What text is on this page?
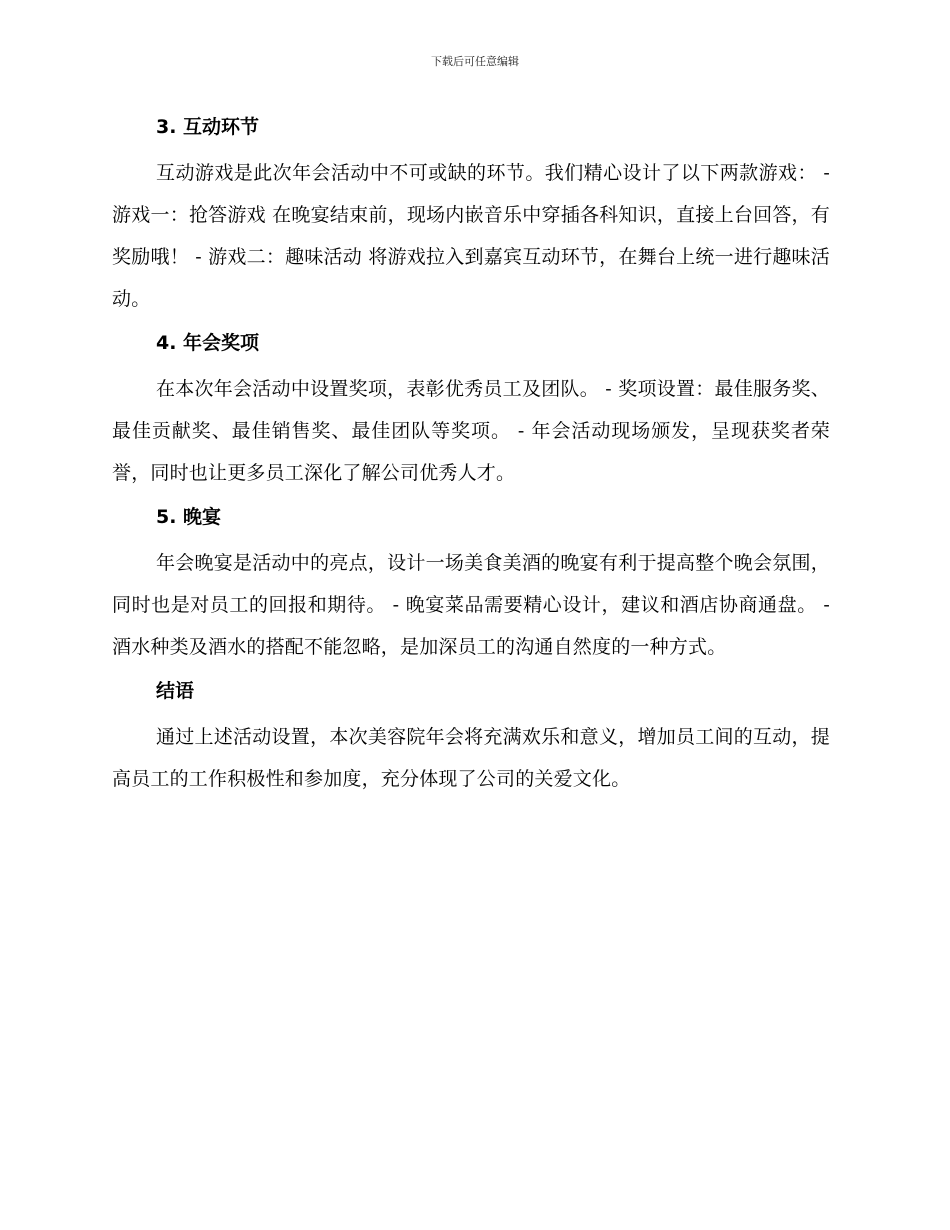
下载后可任意编辑
3. 互动环节

互动游戏是此次年会活动中不可或缺的环节。我们精心设计了以下两款游戏： - 游戏一：抢答游戏 在晚宴结束前，现场内嵌音乐中穿插各科知识，直接上台回答，有奖励哦！ - 游戏二：趣味活动 将游戏拉入到嘉宾互动环节，在舞台上统一进行趣味活动。

4. 年会奖项

在本次年会活动中设置奖项，表彰优秀员工及团队。 - 奖项设置：最佳服务奖、最佳贡献奖、最佳销售奖、最佳团队等奖项。 - 年会活动现场颁发，呈现获奖者荣誉，同时也让更多员工深化了解公司优秀人才。

5. 晚宴

年会晚宴是活动中的亮点，设计一场美食美酒的晚宴有利于提高整个晚会氛围，同时也是对员工的回报和期待。 - 晚宴菜品需要精心设计，建议和酒店协商通盘。 - 酒水种类及酒水的搭配不能忽略，是加深员工的沟通自然度的一种方式。

结语

通过上述活动设置，本次美容院年会将充满欢乐和意义，增加员工间的互动，提高员工的工作积极性和参加度，充分体现了公司的关爱文化。
